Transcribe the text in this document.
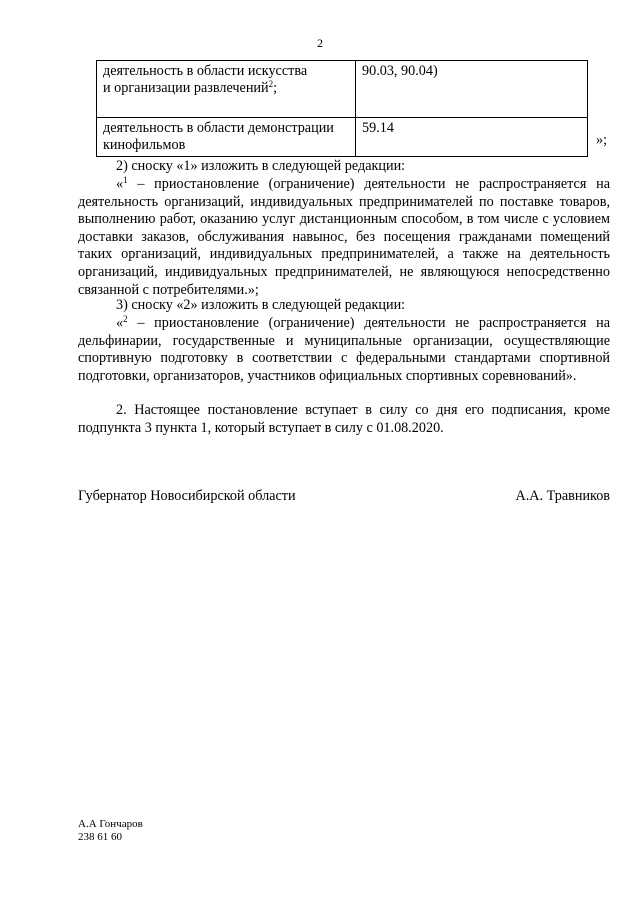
2
деятельность в области искусства
и организации развлечений$^2$;	90.03, 90.04)
деятельность в области демонстрации
кинофильмов	59.14
»;
2) сноску «1» изложить в следующей редакции:
«$^1$ – приостановление (ограничение) деятельности не распространяется на деятельность организаций, индивидуальных предпринимателей по поставке товаров, выполнению работ, оказанию услуг дистанционным способом, в том числе с условием доставки заказов, обслуживания навынос, без посещения гражданами помещений таких организаций, индивидуальных предпринимателей, а также на деятельность организаций, индивидуальных предпринимателей, не являющуюся непосредственно связанной с потребителями.»;
3) сноску «2» изложить в следующей редакции:
«$^2$ – приостановление (ограничение) деятельности не распространяется на дельфинарии, государственные и муниципальные организации, осуществляющие спортивную подготовку в соответствии с федеральными стандартами спортивной подготовки, организаторов, участников официальных спортивных соревнований».
2. Настоящее постановление вступает в силу со дня его подписания, кроме подпункта 3 пункта 1, который вступает в силу с 01.08.2020.
Губернатор Новосибирской области	А.А. Травников
А.А Гончаров
238 61 60
